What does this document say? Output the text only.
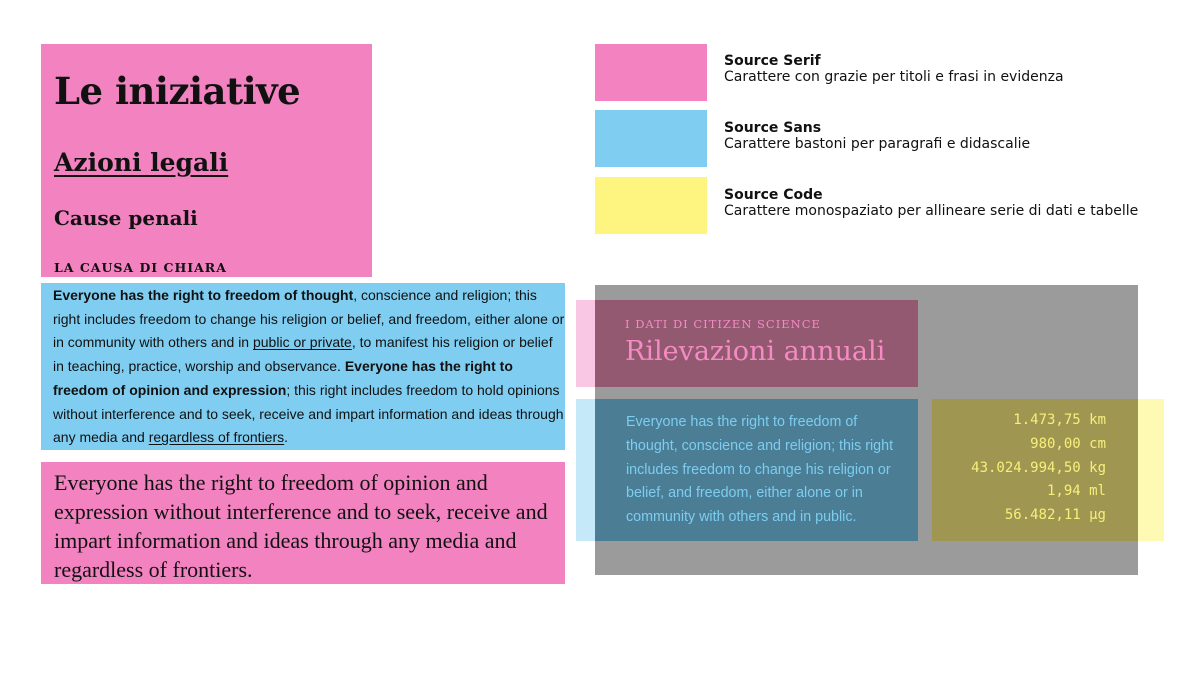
Le iniziative
Azioni legali
Cause penali
LA CAUSA DI CHIARA

Everyone has the right to freedom of thought, conscience and religion; this right includes freedom to change his religion or belief, and freedom, either alone or in community with others and in public or private, to manifest his religion or belief in teaching, practice, worship and observance. Everyone has the right to freedom of opinion and expression; this right includes freedom to hold opinions without interference and to seek, receive and impart information and ideas through any media and regardless of frontiers.

Everyone has the right to freedom of opinion and expression without interference and to seek, receive and impart information and ideas through any media and regardless of frontiers.

Source Serif
Carattere con grazie per titoli e frasi in evidenza
Source Sans
Carattere bastoni per paragrafi e didascalie
Source Code
Carattere monospaziato per allineare serie di dati e tabelle

I DATI DI CITIZEN SCIENCE

Rilevazioni annuali

Everyone has the right to freedom of thought, conscience and religion; this right includes freedom to change his religion or belief, and freedom, either alone or in community with others and in public.

1.473,75 km
980,00 cm
43.024.994,50 kg
1,94 ml
56.482,11 µg
